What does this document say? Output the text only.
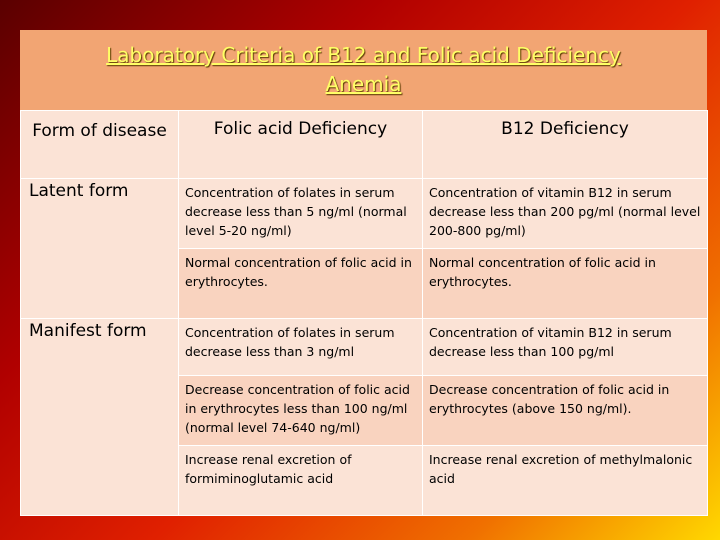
Laboratory Criteria of B12 and Folic acid Deficiency
Anemia
Form of disease	Folic acid Deficiency	B12 Deficiency
Latent form	Concentration of folates in serum decrease less than 5 ng/ml (normal level 5-20 ng/ml)	Concentration of vitamin B12 in serum decrease less than 200 pg/ml (normal level 200-800 pg/ml)
	Normal concentration of folic acid in erythrocytes.	Normal concentration of folic acid in erythrocytes.
Manifest form	Concentration of folates in serum decrease less than 3 ng/ml	Concentration of vitamin B12 in serum decrease less than 100 pg/ml
	Decrease concentration of folic acid in erythrocytes less than 100 ng/ml (normal level 74-640 ng/ml)	Decrease concentration of folic acid in erythrocytes (above 150 ng/ml).
	Increase renal excretion of formiminoglutamic acid	Increase renal excretion of methylmalonic acid
